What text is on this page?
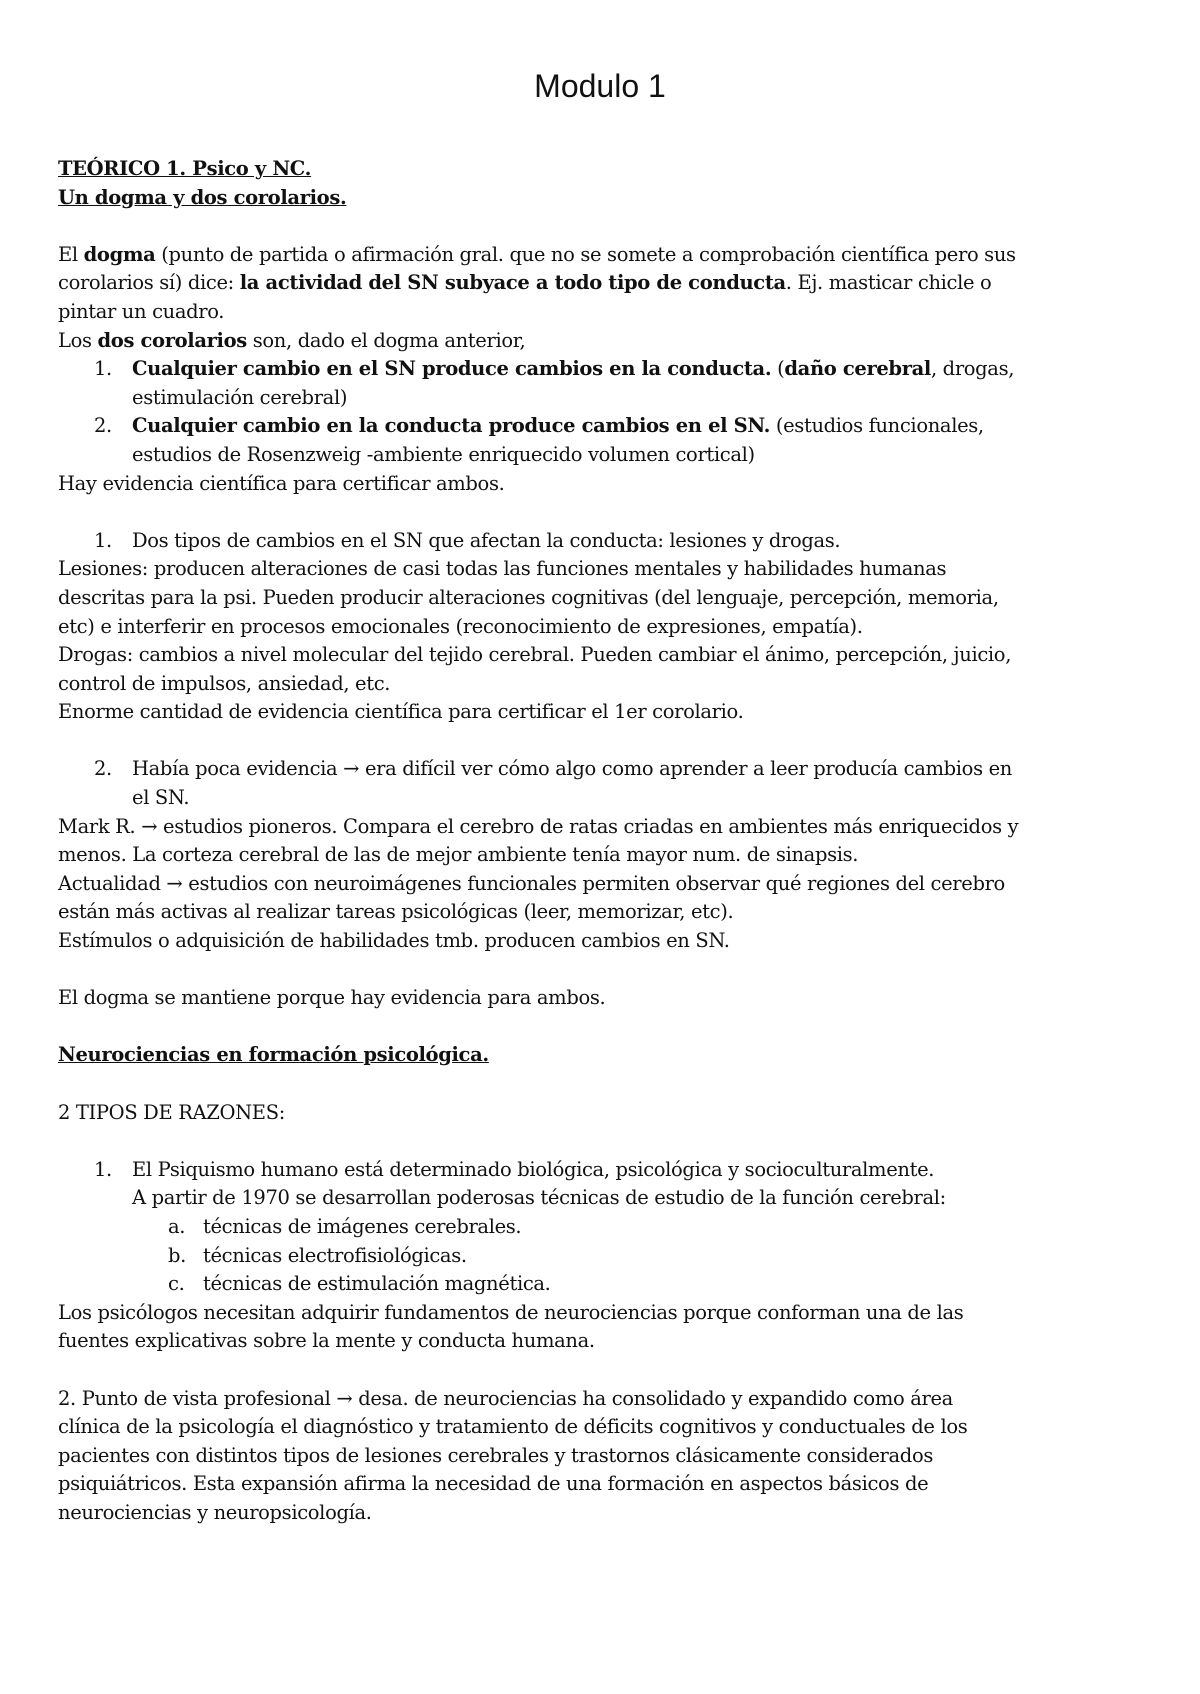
Modulo 1
TEÓRICO 1. Psico y NC.
Un dogma y dos corolarios.
El dogma (punto de partida o afirmación gral. que no se somete a comprobación científica pero sus
corolarios sí) dice: la actividad del SN subyace a todo tipo de conducta. Ej. masticar chicle o
pintar un cuadro.
Los dos corolarios son, dado el dogma anterior,
1. Cualquier cambio en el SN produce cambios en la conducta. (daño cerebral, drogas,
estimulación cerebral)
2. Cualquier cambio en la conducta produce cambios en el SN. (estudios funcionales,
estudios de Rosenzweig -ambiente enriquecido volumen cortical)
Hay evidencia científica para certificar ambos.
1. Dos tipos de cambios en el SN que afectan la conducta: lesiones y drogas.
Lesiones: producen alteraciones de casi todas las funciones mentales y habilidades humanas
descritas para la psi. Pueden producir alteraciones cognitivas (del lenguaje, percepción, memoria,
etc) e interferir en procesos emocionales (reconocimiento de expresiones, empatía).
Drogas: cambios a nivel molecular del tejido cerebral. Pueden cambiar el ánimo, percepción, juicio,
control de impulsos, ansiedad, etc.
Enorme cantidad de evidencia científica para certificar el 1er corolario.
2. Había poca evidencia → era difícil ver cómo algo como aprender a leer producía cambios en
el SN.
Mark R. → estudios pioneros. Compara el cerebro de ratas criadas en ambientes más enriquecidos y
menos. La corteza cerebral de las de mejor ambiente tenía mayor num. de sinapsis.
Actualidad → estudios con neuroimágenes funcionales permiten observar qué regiones del cerebro
están más activas al realizar tareas psicológicas (leer, memorizar, etc).
Estímulos o adquisición de habilidades tmb. producen cambios en SN.
El dogma se mantiene porque hay evidencia para ambos.
Neurociencias en formación psicológica.
2 TIPOS DE RAZONES:
1. El Psiquismo humano está determinado biológica, psicológica y socioculturalmente.
A partir de 1970 se desarrollan poderosas técnicas de estudio de la función cerebral:
a. técnicas de imágenes cerebrales.
b. técnicas electrofisiológicas.
c. técnicas de estimulación magnética.
Los psicólogos necesitan adquirir fundamentos de neurociencias porque conforman una de las
fuentes explicativas sobre la mente y conducta humana.
2. Punto de vista profesional → desa. de neurociencias ha consolidado y expandido como área
clínica de la psicología el diagnóstico y tratamiento de déficits cognitivos y conductuales de los
pacientes con distintos tipos de lesiones cerebrales y trastornos clásicamente considerados
psiquiátricos. Esta expansión afirma la necesidad de una formación en aspectos básicos de
neurociencias y neuropsicología.
